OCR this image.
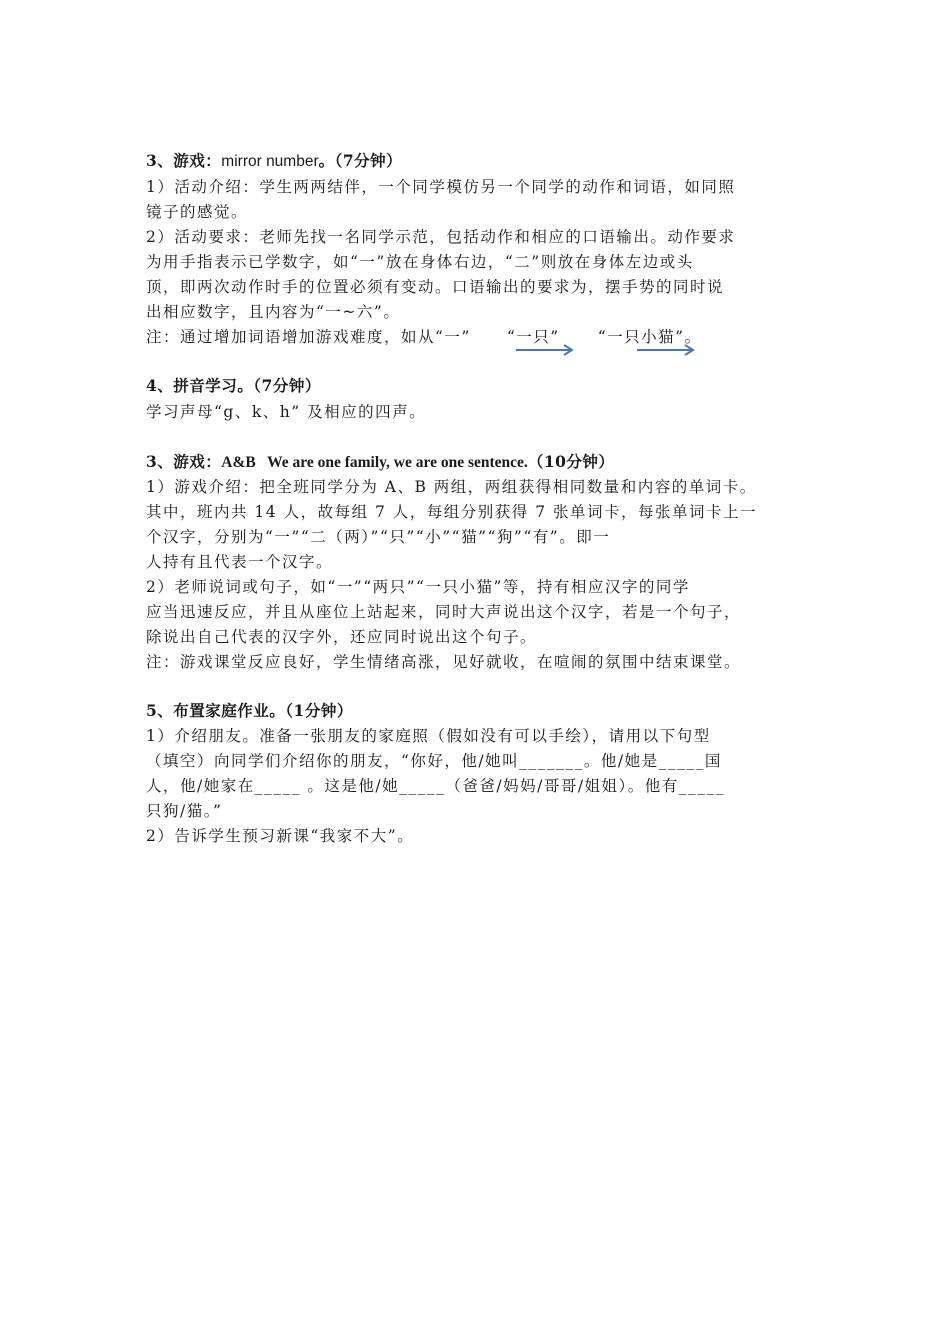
3、游戏：mirror number。（7分钟）
1）活动介绍：学生两两结伴，一个同学模仿另一个同学的动作和词语，如同照
镜子的感觉。
2）活动要求：老师先找一名同学示范，包括动作和相应的口语输出。动作要求
为用手指表示已学数字，如“一”放在身体右边，“二”则放在身体左边或头
顶，即两次动作时手的位置必须有变动。口语输出的要求为，摆手势的同时说
出相应数字，且内容为“一~六”。
注：通过增加词语增加游戏难度，如从“一” “一只” “一只小猫”。
4、拼音学习。（7分钟）
学习声母“g、k、h” 及相应的四声。
3、游戏：A&B   We are one family, we are one sentence.（10分钟）
1）游戏介绍：把全班同学分为 A、B 两组，两组获得相同数量和内容的单词卡。
其中，班内共 14 人，故每组 7 人，每组分别获得 7 张单词卡，每张单词卡上一
个汉字，分别为“一”“二（两）”“只”“小”“猫”“狗”“有”。即一
人持有且代表一个汉字。
2）老师说词或句子，如“一”“两只”“一只小猫”等，持有相应汉字的同学
应当迅速反应，并且从座位上站起来，同时大声说出这个汉字，若是一个句子，
除说出自己代表的汉字外，还应同时说出这个句子。
注：游戏课堂反应良好，学生情绪高涨，见好就收，在喧闹的氛围中结束课堂。
5、布置家庭作业。（1分钟）
1）介绍朋友。准备一张朋友的家庭照（假如没有可以手绘），请用以下句型
（填空）向同学们介绍你的朋友，“你好，他/她叫_______。他/她是_____国
人，他/她家在_____ 。这是他/她_____（爸爸/妈妈/哥哥/姐姐）。他有_____
只狗/猫。”
2）告诉学生预习新课“我家不大”。
